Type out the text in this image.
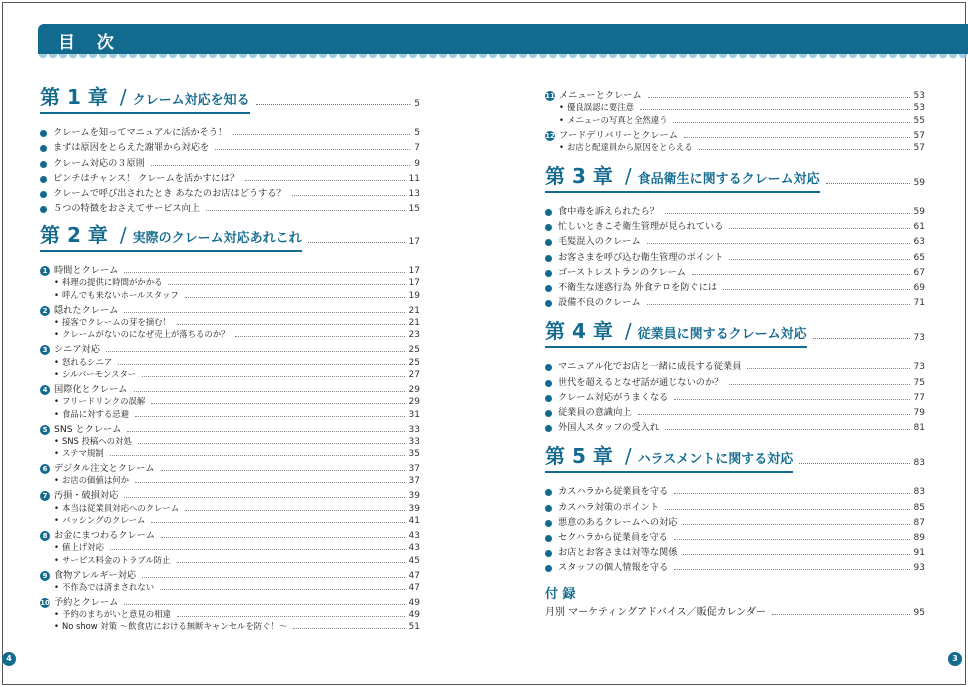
目 次
第 1 章 / クレーム対応を知る	5
クレームを知ってマニュアルに活かそう！	5
まずは原因をとらえた謝罪から対応を	7
クレーム対応の３原則	9
ピンチはチャンス！ クレームを活かすには？	11
クレームで呼び出されたとき あなたのお店はどうする？	13
５つの特徴をおさえてサービス向上	15
第 2 章 / 実際のクレーム対応あれこれ	17
1 時間とクレーム	17
• 料理の提供に時間がかかる	17
• 呼んでも来ないホールスタッフ	19
2 隠れたクレーム	21
• 接客でクレームの芽を摘む！	21
• クレームがないのになぜ売上が落ちるのか？	23
3 シニア対応	25
• 怒れるシニア	25
• シルバーモンスター	27
4 国際化とクレーム	29
• フリードリンクの誤解	29
• 食品に対する忌避	31
5 SNS とクレーム	33
• SNS 投稿への対処	33
• ステマ規制	35
6 デジタル注文とクレーム	37
• お店の価値は何か	37
7 汚損・破損対応	39
• 本当は従業員対応へのクレーム	39
• バッシングのクレーム	41
8 お金にまつわるクレーム	43
• 値上げ対応	43
• サービス料金のトラブル防止	45
9 食物アレルギー対応	47
• 不作為では済まされない	47
10 予約とクレーム	49
• 予約のまちがいと意見の相違	49
• No show 対策 〜飲食店における無断キャンセルを防ぐ！〜	51
11 メニューとクレーム	53
• 優良誤認に要注意	53
• メニューの写真と全然違う	55
12 フードデリバリーとクレーム	57
• お店と配達員から原因をとらえる	57
第 3 章 / 食品衛生に関するクレーム対応	59
食中毒を訴えられたら？	59
忙しいときこそ衛生管理が見られている	61
毛髪混入のクレーム	63
お客さまを呼び込む衛生管理のポイント	65
ゴーストレストランのクレーム	67
不衛生な迷惑行為 外食テロを防ぐには	69
設備不良のクレーム	71
第 4 章 / 従業員に関するクレーム対応	73
マニュアル化でお店と一緒に成長する従業員	73
世代を超えるとなぜ話が通じないのか？	75
クレーム対応がうまくなる	77
従業員の意識向上	79
外国人スタッフの受入れ	81
第 5 章 / ハラスメントに関する対応	83
カスハラから従業員を守る	83
カスハラ対策のポイント	85
悪意のあるクレームへの対応	87
セクハラから従業員を守る	89
お店とお客さまは対等な関係	91
スタッフの個人情報を守る	93
付 録
月別 マーケティングアドバイス／販促カレンダー	95
4	3
